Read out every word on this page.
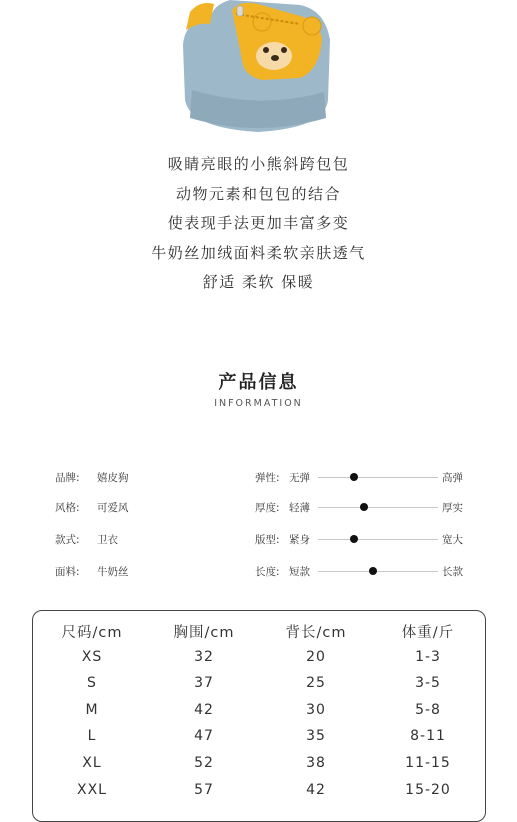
吸睛亮眼的小熊斜跨包包
动物元素和包包的结合
使表现手法更加丰富多变
牛奶丝加绒面料柔软亲肤透气
舒适 柔软 保暖
产品信息
INFORMATION
品牌: 嬉皮狗
风格: 可爱风
款式: 卫衣
面料: 牛奶丝
弹性: 无弹	高弹
厚度: 轻薄	厚实
版型: 紧身	宽大
长度: 短款	长款
尺码/cm	胸围/cm	背长/cm	体重/斤
XS	32	20	1-3
S	37	25	3-5
M	42	30	5-8
L	47	35	8-11
XL	52	38	11-15
XXL	57	42	15-20
